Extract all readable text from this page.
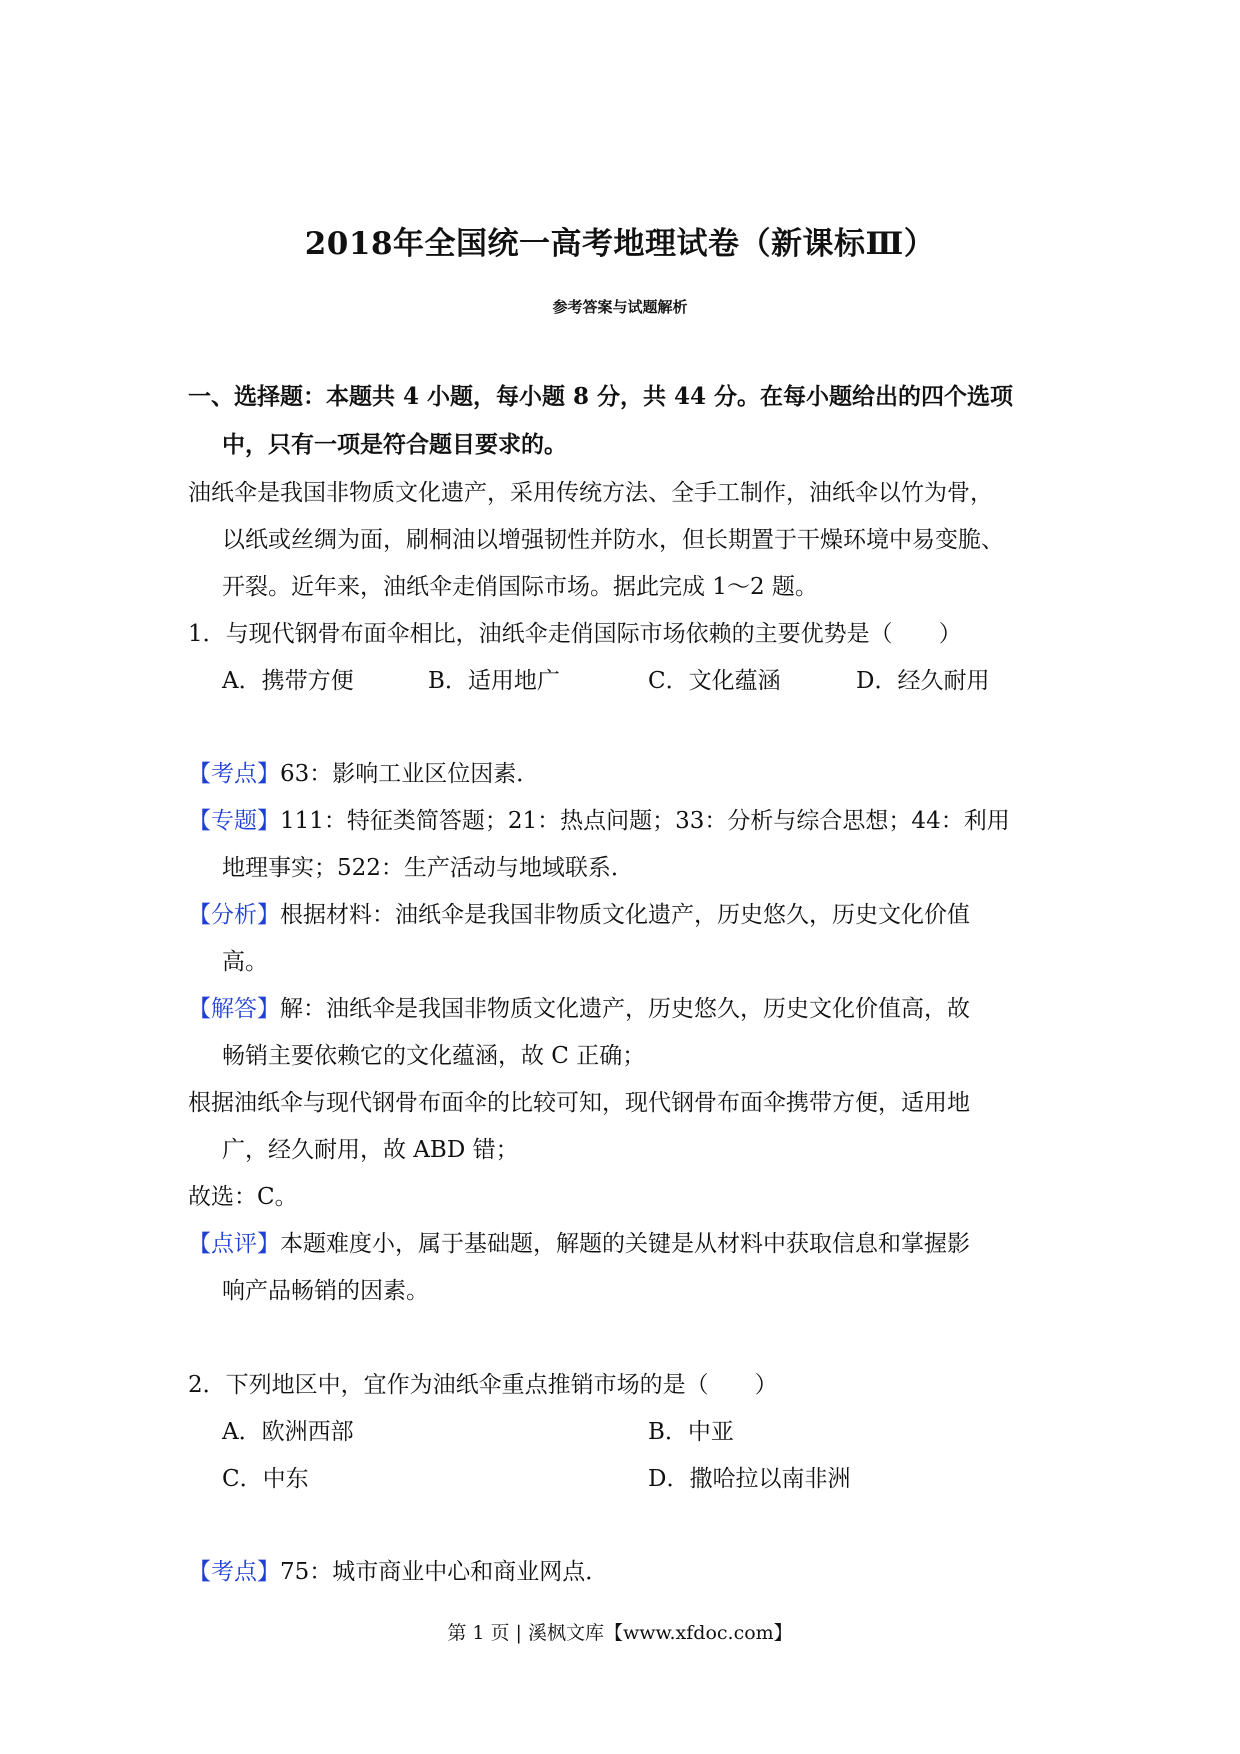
2018年全国统一高考地理试卷（新课标Ⅲ）
参考答案与试题解析
一、选择题：本题共 4 小题，每小题 8 分，共 44 分。在每小题给出的四个选项
中，只有一项是符合题目要求的。
油纸伞是我国非物质文化遗产，采用传统方法、全手工制作，油纸伞以竹为骨，
以纸或丝绸为面，刷桐油以增强韧性并防水，但长期置于干燥环境中易变脆、
开裂。近年来，油纸伞走俏国际市场。据此完成 1～2 题。
1．与现代钢骨布面伞相比，油纸伞走俏国际市场依赖的主要优势是（　　）
A．携带方便	B．适用地广	C．文化蕴涵	D．经久耐用
【考点】63：影响工业区位因素．
【专题】111：特征类简答题；21：热点问题；33：分析与综合思想；44：利用
地理事实；522：生产活动与地域联系．
【分析】根据材料：油纸伞是我国非物质文化遗产，历史悠久，历史文化价值
高。
【解答】解：油纸伞是我国非物质文化遗产，历史悠久，历史文化价值高，故
畅销主要依赖它的文化蕴涵，故 C 正确；
根据油纸伞与现代钢骨布面伞的比较可知，现代钢骨布面伞携带方便，适用地
广，经久耐用，故 ABD 错；
故选：C。
【点评】本题难度小，属于基础题，解题的关键是从材料中获取信息和掌握影
响产品畅销的因素。
2．下列地区中，宜作为油纸伞重点推销市场的是（　　）
A．欧洲西部	B．中亚
C．中东	D．撒哈拉以南非洲
【考点】75：城市商业中心和商业网点．
第 1 页 | 溪枫文库【www.xfdoc.com】
